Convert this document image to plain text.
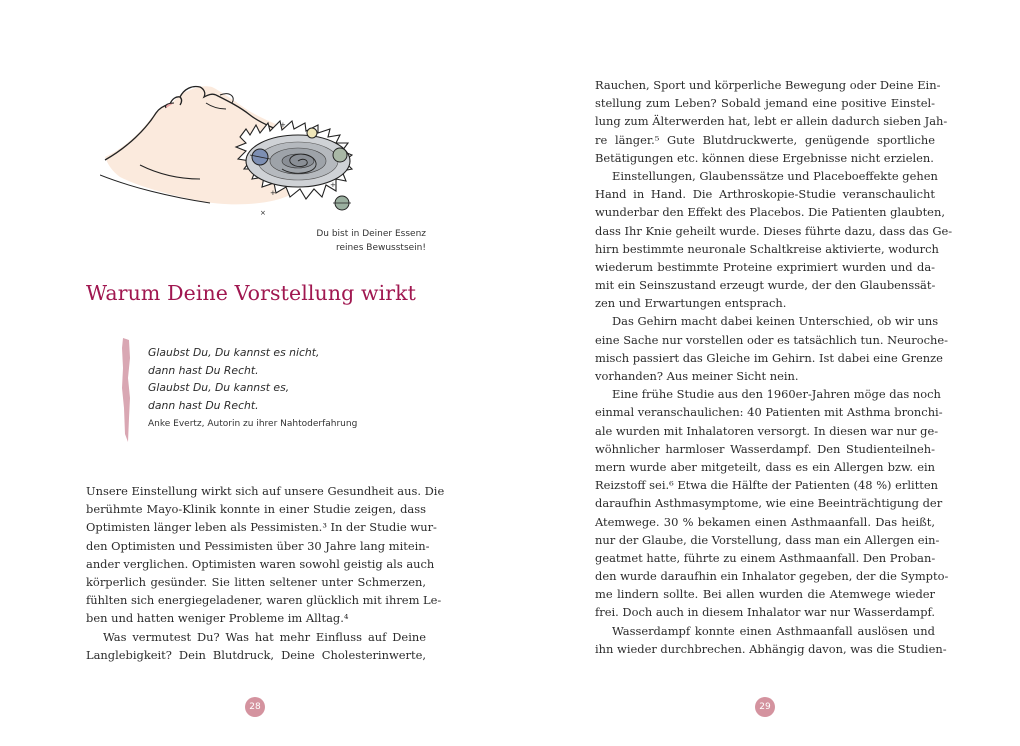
+
+
×
+
Du bist in Deiner Essenz
reines Bewusstsein!
Warum Deine Vorstellung wirkt
Glaubst Du, Du kannst es nicht,
dann hast Du Recht.
Glaubst Du, Du kannst es,
dann hast Du Recht.
Anke Evertz, Autorin zu ihrer Nahtoderfahrung
Unsere Einstellung wirkt sich auf unsere Gesundheit aus. Die
berühmte Mayo-Klinik konnte in einer Studie zeigen, dass
Optimisten länger leben als Pessimisten.³ In der Studie wur-
den Optimisten und Pessimisten über 30 Jahre lang mitein-
ander verglichen. Optimisten waren sowohl geistig als auch
körperlich gesünder. Sie litten seltener unter Schmerzen,
fühlten sich energiegeladener, waren glücklich mit ihrem Le-
ben und hatten weniger Probleme im Alltag.⁴
Was vermutest Du? Was hat mehr Einfluss auf Deine
Langlebigkeit? Dein Blutdruck, Deine Cholesterinwerte,
28
Rauchen, Sport und körperliche Bewegung oder Deine Ein-
stellung zum Leben? Sobald jemand eine positive Einstel-
lung zum Älterwerden hat, lebt er allein dadurch sieben Jah-
re länger.⁵ Gute Blutdruckwerte, genügende sportliche
Betätigungen etc. können diese Ergebnisse nicht erzielen.
Einstellungen, Glaubenssätze und Placeboeffekte gehen
Hand in Hand. Die Arthroskopie-Studie veranschaulicht
wunderbar den Effekt des Placebos. Die Patienten glaubten,
dass Ihr Knie geheilt wurde. Dieses führte dazu, dass das Ge-
hirn bestimmte neuronale Schaltkreise aktivierte, wodurch
wiederum bestimmte Proteine exprimiert wurden und da-
mit ein Seinszustand erzeugt wurde, der den Glaubenssät-
zen und Erwartungen entsprach.
Das Gehirn macht dabei keinen Unterschied, ob wir uns
eine Sache nur vorstellen oder es tatsächlich tun. Neuroche-
misch passiert das Gleiche im Gehirn. Ist dabei eine Grenze
vorhanden? Aus meiner Sicht nein.
Eine frühe Studie aus den 1960er-Jahren möge das noch
einmal veranschaulichen: 40 Patienten mit Asthma bronchi-
ale wurden mit Inhalatoren versorgt. In diesen war nur ge-
wöhnlicher harmloser Wasserdampf. Den Studienteilneh-
mern wurde aber mitgeteilt, dass es ein Allergen bzw. ein
Reizstoff sei.⁶ Etwa die Hälfte der Patienten (48 %) erlitten
daraufhin Asthmasymptome, wie eine Beeinträchtigung der
Atemwege. 30 % bekamen einen Asthmaanfall. Das heißt,
nur der Glaube, die Vorstellung, dass man ein Allergen ein-
geatmet hatte, führte zu einem Asthmaanfall. Den Proban-
den wurde daraufhin ein Inhalator gegeben, der die Sympto-
me lindern sollte. Bei allen wurden die Atemwege wieder
frei. Doch auch in diesem Inhalator war nur Wasserdampf.
Wasserdampf konnte einen Asthmaanfall auslösen und
ihn wieder durchbrechen. Abhängig davon, was die Studien-
29
